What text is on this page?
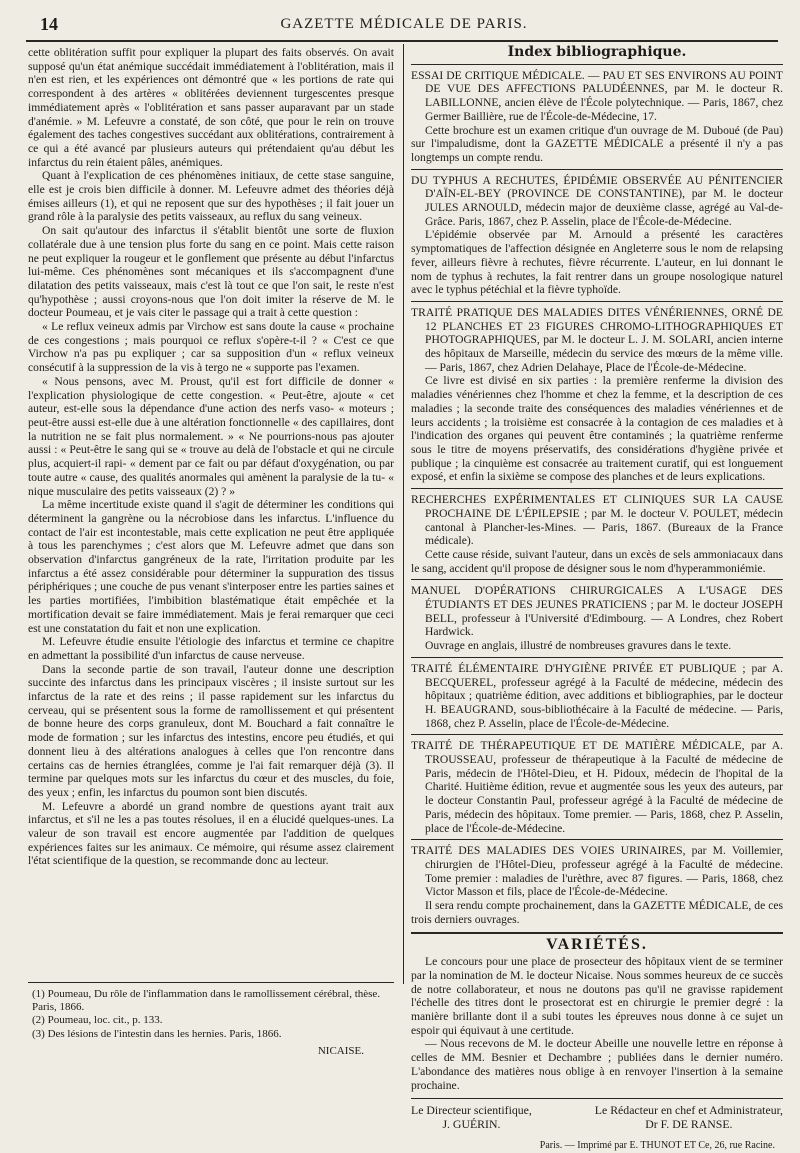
14	GAZETTE MÉDICALE DE PARIS.

cette oblitération suffit pour expliquer la plupart des faits observés. On avait supposé qu'un état anémique succédait immédiatement à l'oblitération, mais il n'en est rien, et les expériences ont démontré que « les portions de rate qui correspondent à des artères « oblitérées deviennent turgescentes presque immédiatement après « l'oblitération et sans passer auparavant par un stade d'anémie. » M. Lefeuvre a constaté, de son côté, que pour le rein on trouve également des taches congestives succédant aux oblitérations, contrairement à ce qui a été avancé par plusieurs auteurs qui prétendaient qu'au début les infarctus du rein étaient pâles, anémiques.

Quant à l'explication de ces phénomènes initiaux, de cette stase sanguine, elle est je crois bien difficile à donner. M. Lefeuvre admet des théories déjà émises ailleurs (1), et qui ne reposent que sur des hypothèses ; il fait jouer un grand rôle à la paralysie des petits vaisseaux, au reflux du sang veineux.

On sait qu'autour des infarctus il s'établit bientôt une sorte de fluxion collatérale due à une tension plus forte du sang en ce point. Mais cette raison ne peut expliquer la rougeur et le gonflement que présente au début l'infarctus lui-même. Ces phénomènes sont mécaniques et ils s'accompagnent d'une dilatation des petits vaisseaux, mais c'est là tout ce que l'on sait, le reste n'est qu'hypothèse ; aussi croyons-nous que l'on doit imiter la réserve de M. le docteur Poumeau, et je vais citer le passage qui a trait à cette question :

« Le reflux veineux admis par Virchow est sans doute la cause « prochaine de ces congestions ; mais pourquoi ce reflux s'opère-t-il ? « C'est ce que Virchow n'a pas pu expliquer ; car sa supposition d'un « reflux veineux consécutif à la suppression de la vis à tergo ne « supporte pas l'examen.

« Nous pensons, avec M. Proust, qu'il est fort difficile de donner « l'explication physiologique de cette congestion. « Peut-être, ajoute « cet auteur, est-elle sous la dépendance d'une action des nerfs vaso- « moteurs ; peut-être aussi est-elle due à une altération fonctionnelle « des capillaires, dont la nutrition ne se fait plus normalement. » « Ne pourrions-nous pas ajouter aussi : « Peut-être le sang qui se « trouve au delà de l'obstacle et qui ne circule plus, acquiert-il rapi- « dement par ce fait ou par défaut d'oxygénation, ou par toute autre « cause, des qualités anormales qui amènent la paralysie de la tu- « nique musculaire des petits vaisseaux (2) ? »

La même incertitude existe quand il s'agit de déterminer les conditions qui déterminent la gangrène ou la nécrobiose dans les infarctus. L'influence du contact de l'air est incontestable, mais cette explication ne peut être appliquée à tous les parenchymes ; c'est alors que M. Lefeuvre admet que dans son observation d'infarctus gangréneux de la rate, l'irritation produite par les infarctus a été assez considérable pour déterminer la suppuration des tissus périphériques ; une couche de pus venant s'interposer entre les parties saines et les parties mortifiées, l'imbibition blastématique était empêchée et la mortification devait se faire immédiatement. Mais je ferai remarquer que ceci est une constatation du fait et non une explication.

M. Lefeuvre étudie ensuite l'étiologie des infarctus et termine ce chapitre en admettant la possibilité d'un infarctus de cause nerveuse.

Dans la seconde partie de son travail, l'auteur donne une description succinte des infarctus dans les principaux viscères ; il insiste surtout sur les infarctus de la rate et des reins ; il passe rapidement sur les infarctus du cerveau, qui se présentent sous la forme de ramollissement et qui présentent de bonne heure des corps granuleux, dont M. Bouchard a fait connaître le mode de formation ; sur les infarctus des intestins, encore peu étudiés, et qui donnent lieu à des altérations analogues à celles que l'on rencontre dans certains cas de hernies étranglées, comme je l'ai fait remarquer déjà (3). Il termine par quelques mots sur les infarctus du cœur et des muscles, du foie, des yeux ; enfin, les infarctus du poumon sont bien discutés.

M. Lefeuvre a abordé un grand nombre de questions ayant trait aux infarctus, et s'il ne les a pas toutes résolues, il en a élucidé quelques-unes. La valeur de son travail est encore augmentée par l'addition de quelques expériences faites sur les animaux. Ce mémoire, qui résume assez clairement l'état scientifique de la question, se recommande donc au lecteur.

(1) Poumeau, Du rôle de l'inflammation dans le ramollissement cérébral, thèse. Paris, 1866.
(2) Poumeau, loc. cit., p. 133.
(3) Des lésions de l'intestin dans les hernies. Paris, 1866.
NICAISE.
Index bibliographique.

ESSAI DE CRITIQUE MÉDICALE. — PAU ET SES ENVIRONS AU POINT DE VUE DES AFFECTIONS PALUDÉENNES, par M. le docteur R. LABILLONNE, ancien élève de l'École polytechnique. — Paris, 1867, chez Germer Baillière, rue de l'École-de-Médecine, 17.

Cette brochure est un examen critique d'un ouvrage de M. Duboué (de Pau) sur l'impaludisme, dont la GAZETTE MÉDICALE a présenté il n'y a pas longtemps un compte rendu.

DU TYPHUS A RECHUTES, ÉPIDÉMIE OBSERVÉE AU PÉNITENCIER D'AÏN-EL-BEY (PROVINCE DE CONSTANTINE), par M. le docteur JULES ARNOULD, médecin major de deuxième classe, agrégé au Val-de-Grâce. Paris, 1867, chez P. Asselin, place de l'École-de-Médecine.

L'épidémie observée par M. Arnould a présenté les caractères symptomatiques de l'affection désignée en Angleterre sous le nom de relapsing fever, ailleurs fièvre à rechutes, fièvre récurrente. L'auteur, en lui donnant le nom de typhus à rechutes, la fait rentrer dans un groupe nosologique naturel avec le typhus pétéchial et la fièvre typhoïde.

TRAITÉ PRATIQUE DES MALADIES DITES VÉNÉRIENNES, ORNÉ DE 12 PLANCHES ET 23 FIGURES CHROMO-LITHOGRAPHIQUES ET PHOTOGRAPHIQUES, par M. le docteur L. J. M. SOLARI, ancien interne des hôpitaux de Marseille, médecin du service des mœurs de la même ville. — Paris, 1867, chez Adrien Delahaye, Place de l'École-de-Médecine.

Ce livre est divisé en six parties : la première renferme la division des maladies vénériennes chez l'homme et chez la femme, et la description de ces maladies ; la seconde traite des conséquences des maladies vénériennes et de leurs accidents ; la troisième est consacrée à la contagion de ces maladies et à l'indication des organes qui peuvent être contaminés ; la quatrième renferme sous le titre de moyens préservatifs, des considérations d'hygiène privée et publique ; la cinquième est consacrée au traitement curatif, qui est longuement exposé, et enfin la sixième se compose des planches et de leurs explications.

RECHERCHES EXPÉRIMENTALES ET CLINIQUES SUR LA CAUSE PROCHAINE DE L'ÉPILEPSIE ; par M. le docteur V. POULET, médecin cantonal à Plancher-les-Mines. — Paris, 1867. (Bureaux de la France médicale).

Cette cause réside, suivant l'auteur, dans un excès de sels ammoniacaux dans le sang, accident qu'il propose de désigner sous le nom d'hyperammoniémie.

MANUEL D'OPÉRATIONS CHIRURGICALES A L'USAGE DES ÉTUDIANTS ET DES JEUNES PRATICIENS ; par M. le docteur JOSEPH BELL, professeur à l'Université d'Edimbourg. — A Londres, chez Robert Hardwick.

Ouvrage en anglais, illustré de nombreuses gravures dans le texte.

TRAITÉ ÉLÉMENTAIRE D'HYGIÈNE PRIVÉE ET PUBLIQUE ; par A. BECQUEREL, professeur agrégé à la Faculté de médecine, médecin des hôpitaux ; quatrième édition, avec additions et bibliographies, par le docteur H. BEAUGRAND, sous-bibliothécaire à la Faculté de médecine. — Paris, 1868, chez P. Asselin, place de l'École-de-Médecine.

TRAITÉ DE THÉRAPEUTIQUE ET DE MATIÈRE MÉDICALE, par A. TROUSSEAU, professeur de thérapeutique à la Faculté de médecine de Paris, médecin de l'Hôtel-Dieu, et H. Pidoux, médecin de l'hopital de la Charité. Huitième édition, revue et augmentée sous les yeux des auteurs, par le docteur Constantin Paul, professeur agrégé à la Faculté de médecine de Paris, médecin des hôpitaux. Tome premier. — Paris, 1868, chez P. Asselin, place de l'École-de-Médecine.

TRAITÉ DES MALADIES DES VOIES URINAIRES, par M. Voillemier, chirurgien de l'Hôtel-Dieu, professeur agrégé à la Faculté de médecine. Tome premier : maladies de l'urèthre, avec 87 figures. — Paris, 1868, chez Victor Masson et fils, place de l'École-de-Médecine.

Il sera rendu compte prochainement, dans la GAZETTE MÉDICALE, de ces trois derniers ouvrages.

VARIÉTÉS.

Le concours pour une place de prosecteur des hôpitaux vient de se terminer par la nomination de M. le docteur Nicaise. Nous sommes heureux de ce succès de notre collaborateur, et nous ne doutons pas qu'il ne gravisse rapidement l'échelle des titres dont le prosectorat est en chirurgie le premier degré : la manière brillante dont il a subi toutes les épreuves nous donne à ce sujet un espoir qui équivaut à une certitude.

— Nous recevons de M. le docteur Abeille une nouvelle lettre en réponse à celles de MM. Besnier et Dechambre ; publiées dans le dernier numéro. L'abondance des matières nous oblige à en renvoyer l'insertion à la semaine prochaine.

Le Directeur scientifique,
J. GUÉRIN.
Le Rédacteur en chef et Administrateur,
Dr F. DE RANSE.
Paris. — Imprimé par E. THUNOT ET Ce, 26, rue Racine.
